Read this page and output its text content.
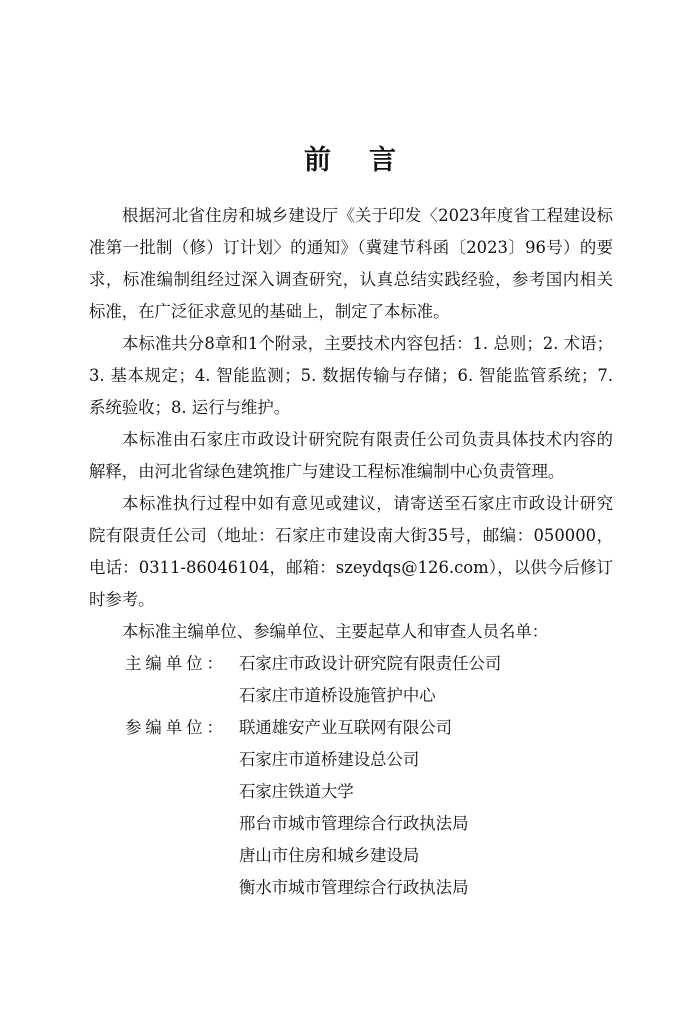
前 言

根据河北省住房和城乡建设厅《关于印发〈2023年度省工程建设标准第一批制（修）订计划〉的通知》（冀建节科函〔2023〕96号）的要求，标准编制组经过深入调查研究，认真总结实践经验，参考国内相关标准，在广泛征求意见的基础上，制定了本标准。

本标准共分8章和1个附录，主要技术内容包括：1. 总则；2. 术语；3. 基本规定；4. 智能监测；5. 数据传输与存储；6. 智能监管系统；7. 系统验收；8. 运行与维护。

本标准由石家庄市政设计研究院有限责任公司负责具体技术内容的解释，由河北省绿色建筑推广与建设工程标准编制中心负责管理。

本标准执行过程中如有意见或建议，请寄送至石家庄市政设计研究院有限责任公司（地址：石家庄市建设南大街35号，邮编：050000，电话：0311-86046104，邮箱：szeydqs@126.com），以供今后修订时参考。

本标准主编单位、参编单位、主要起草人和审查人员名单：

主编单位： 石家庄市政设计研究院有限责任公司
石家庄市道桥设施管护中心
参编单位： 联通雄安产业互联网有限公司
石家庄市道桥建设总公司
石家庄铁道大学
邢台市城市管理综合行政执法局
唐山市住房和城乡建设局
衡水市城市管理综合行政执法局
